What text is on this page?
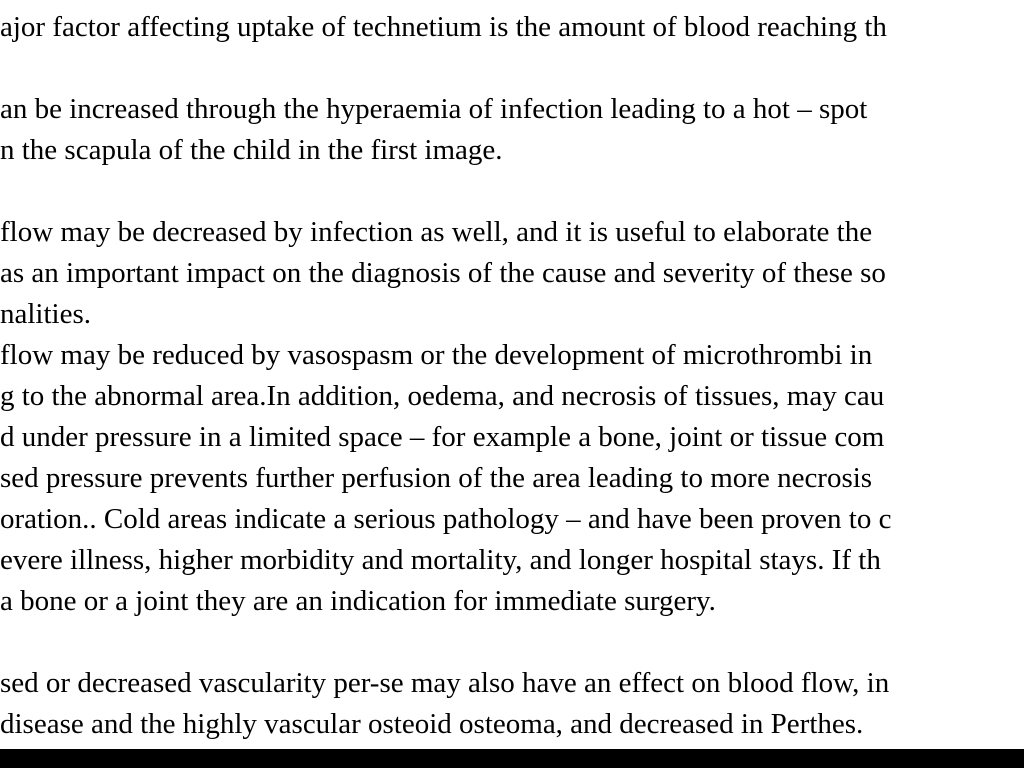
ajor factor affecting uptake of technetium is the amount of blood reaching th
an be increased through the hyperaemia of infection leading to a hot – spot
n the scapula of the child in the first image.
flow may be decreased by infection as well, and it is useful to elaborate the
as an important impact on the diagnosis of the cause and severity of these so
nalities.
flow may be reduced by vasospasm or the development of microthrombi in
g to the abnormal area.In addition, oedema, and necrosis of tissues, may cau
d under pressure in a limited space – for example a bone, joint or tissue com
sed pressure prevents further perfusion of the area leading to more necrosis
oration.. Cold areas indicate a serious pathology – and have been proven to c
evere illness, higher morbidity and mortality, and longer hospital stays. If th
a bone or a joint they are an indication for immediate surgery.
sed or decreased vascularity per-se may also have an effect on blood flow, in
disease and the highly vascular osteoid osteoma, and decreased in Perthes.
